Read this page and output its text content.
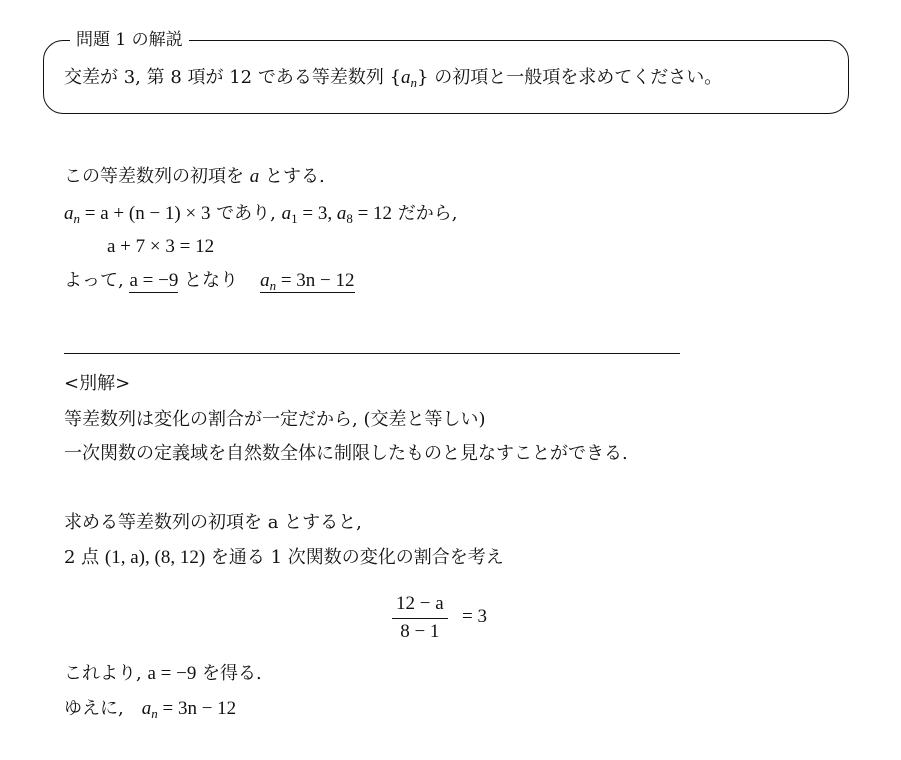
問題 1 の解説
交差が 3, 第 8 項が 12 である等差数列 $\{a_n\}$ の初項と一般項を求めてください。
この等差数列の初項を a とする.
$a_n = a + (n - 1) \times 3$ であり, $a_1 = 3$, $a_8 = 12$ だから,
a + 7 × 3 = 12
よって, a = −9 となり $a_n = 3n - 12$
<別解>
等差数列は変化の割合が一定だから, (交差と等しい)
一次関数の定義域を自然数全体に制限したものと見なすことができる.
求める等差数列の初項を a とすると,
2 点 (1, a), (8, 12) を通る 1 次関数の変化の割合を考え
$\frac{12 - a}{8 - 1} = 3$
これより, a = −9 を得る.
ゆえに, $a_n = 3n - 12$
